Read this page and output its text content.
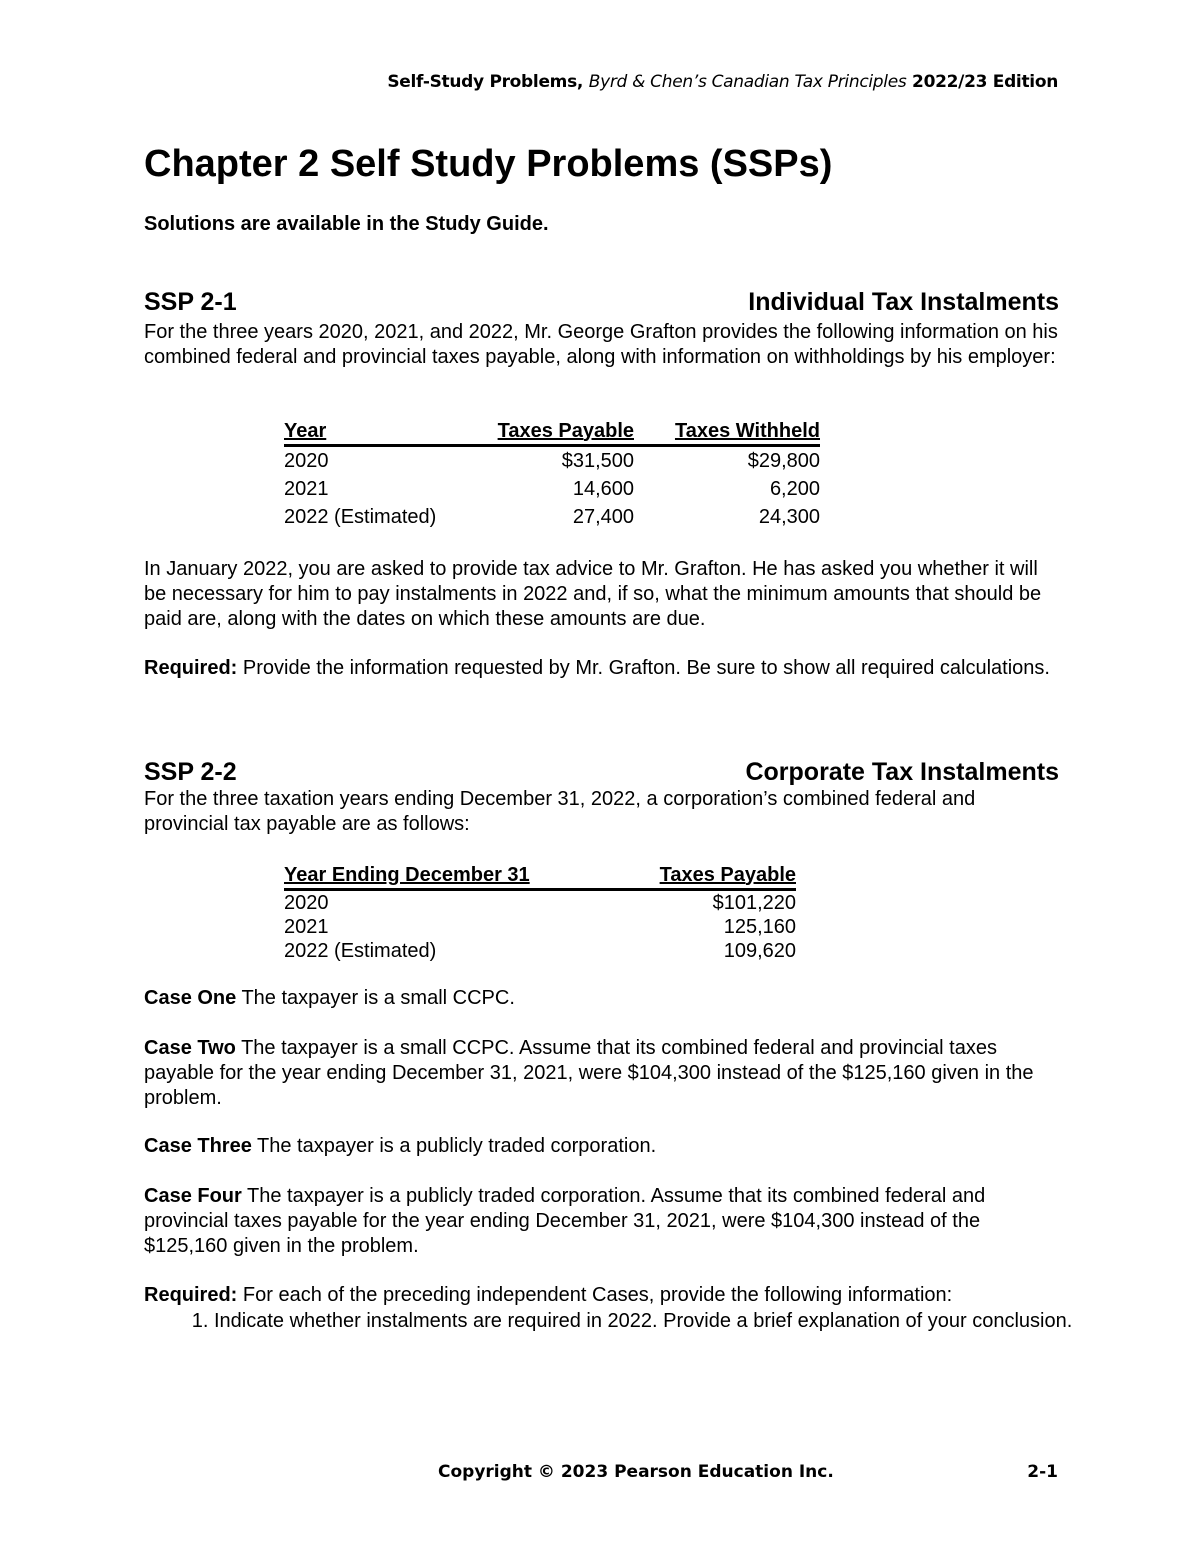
Self-Study Problems, Byrd & Chen’s Canadian Tax Principles 2022/23 Edition
Chapter 2 Self Study Problems (SSPs)
Solutions are available in the Study Guide.
SSP 2-1	Individual Tax Instalments

For the three years 2020, 2021, and 2022, Mr. George Grafton provides the following information on his combined federal and provincial taxes payable, along with information on withholdings by his employer:

Year	Taxes Payable	Taxes Withheld
2020	$31,500	$29,800
2021	14,600	6,200
2022 (Estimated)	27,400	24,300

In January 2022, you are asked to provide tax advice to Mr. Grafton. He has asked you whether it will be necessary for him to pay instalments in 2022 and, if so, what the minimum amounts that should be paid are, along with the dates on which these amounts are due.

Required: Provide the information requested by Mr. Grafton. Be sure to show all required calculations.

SSP 2-2	Corporate Tax Instalments

For the three taxation years ending December 31, 2022, a corporation’s combined federal and provincial tax payable are as follows:

Year Ending December 31	Taxes Payable
2020	$101,220
2021	125,160
2022 (Estimated)	109,620

Case One The taxpayer is a small CCPC.

Case Two The taxpayer is a small CCPC. Assume that its combined federal and provincial taxes payable for the year ending December 31, 2021, were $104,300 instead of the $125,160 given in the problem.

Case Three The taxpayer is a publicly traded corporation.

Case Four The taxpayer is a publicly traded corporation. Assume that its combined federal and provincial taxes payable for the year ending December 31, 2021, were $104,300 instead of the $125,160 given in the problem.

Required: For each of the preceding independent Cases, provide the following information:

1. Indicate whether instalments are required in 2022. Provide a brief explanation of your conclusion.
Copyright © 2023 Pearson Education Inc.	2-1
